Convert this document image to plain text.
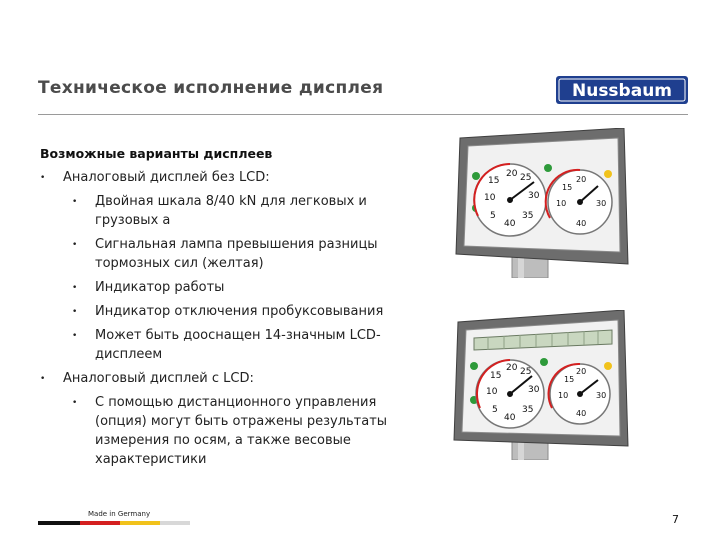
Техническое исполнение дисплея	Nussbaum
Возможные варианты дисплеев
• Аналоговый дисплей без LCD:
• Двойная шкала 8/40 kN для легковых и грузовых а
• Сигнальная лампа превышения разницы тормозных сил (желтая)
• Индикатор работы
• Индикатор отключения пробуксовывания
• Может быть дооснащен 14-значным LCD-дисплеем
• Аналоговый дисплей с LCD:
• С помощью дистанционного управления (опция) могут быть отражены результаты измерения по осям, а также весовые характеристики
15
20 25
10	30
5
40
35
15
20
10	30
40
15
20 25
10	30
5
40
35
15
20
10	30
40
Made in Germany	7
